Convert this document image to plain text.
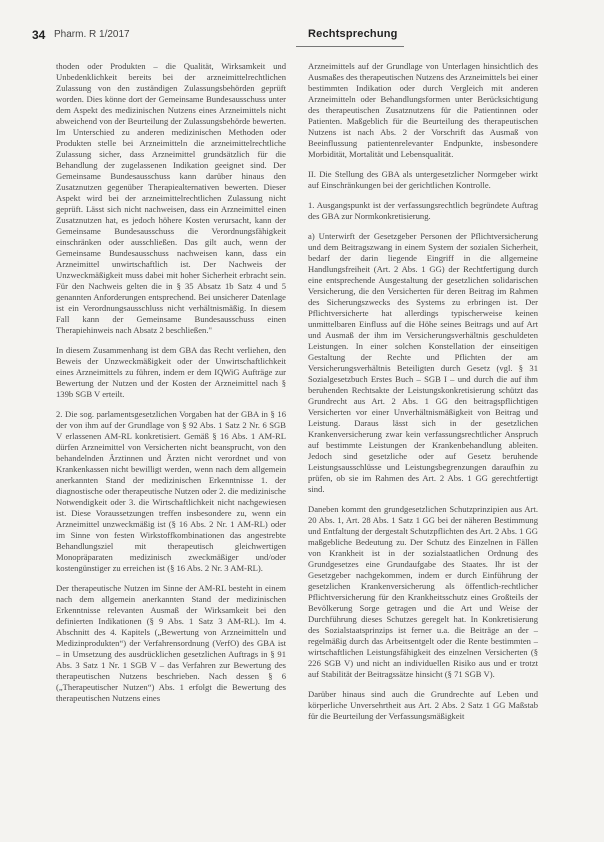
34 Pharm. R 1/2017	Rechtsprechung

thoden oder Produkten – die Qualität, Wirksamkeit und Unbedenklichkeit bereits bei der arzneimittelrechtlichen Zulassung von den zuständigen Zulassungsbehörden geprüft worden. Dies könne dort der Gemeinsame Bundesausschuss unter dem Aspekt des medizinischen Nutzens eines Arzneimittels nicht abweichend von der Beurteilung der Zulassungsbehörde bewerten. Im Unterschied zu anderen medizinischen Methoden oder Produkten stelle bei Arzneimitteln die arzneimittelrechtliche Zulassung sicher, dass Arzneimittel grundsätzlich für die Behandlung der zugelassenen Indikation geeignet sind. Der Gemeinsame Bundesausschuss kann darüber hinaus den Zusatznutzen gegenüber Therapiealternativen bewerten. Dieser Aspekt wird bei der arzneimittelrechtlichen Zulassung nicht geprüft. Lässt sich nicht nachweisen, dass ein Arzneimittel einen Zusatznutzen hat, es jedoch höhere Kosten verursacht, kann der Gemeinsame Bundesausschuss die Verordnungsfähigkeit einschränken oder ausschließen. Das gilt auch, wenn der Gemeinsame Bundesausschuss nachweisen kann, dass ein Arzneimittel unwirtschaftlich ist. Der Nachweis der Unzweckmäßigkeit muss dabei mit hoher Sicherheit erbracht sein. Für den Nachweis gelten die in § 35 Absatz 1b Satz 4 und 5 genannten Anforderungen entsprechend. Bei unsicherer Datenlage ist ein Verordnungsausschluss nicht verhältnismäßig. In diesem Fall kann der Gemeinsame Bundesausschuss einen Therapiehinweis nach Absatz 2 beschließen."

In diesem Zusammenhang ist dem GBA das Recht verliehen, den Beweis der Unzweckmäßigkeit oder der Unwirtschaftlichkeit eines Arzneimittels zu führen, indem er dem IQWiG Aufträge zur Bewertung der Nutzen und der Kosten der Arzneimittel nach § 139b SGB V erteilt.

2. Die sog. parlamentsgesetzlichen Vorgaben hat der GBA in § 16 der von ihm auf der Grundlage von § 92 Abs. 1 Satz 2 Nr. 6 SGB V erlassenen AM-RL konkretisiert. Gemäß § 16 Abs. 1 AM-RL dürfen Arzneimittel von Versicherten nicht beansprucht, von den behandelnden Ärztinnen und Ärzten nicht verordnet und von Krankenkassen nicht bewilligt werden, wenn nach dem allgemein anerkannten Stand der medizinischen Erkenntnisse 1. der diagnostische oder therapeutische Nutzen oder 2. die medizinische Notwendigkeit oder 3. die Wirtschaftlichkeit nicht nachgewiesen ist. Diese Voraussetzungen treffen insbesondere zu, wenn ein Arzneimittel unzweckmäßig ist (§ 16 Abs. 2 Nr. 1 AM-RL) oder im Sinne von festen Wirkstoffkombinationen das angestrebte Behandlungsziel mit therapeutisch gleichwertigen Monopräparaten medizinisch zweckmäßiger und/oder kostengünstiger zu erreichen ist (§ 16 Abs. 2 Nr. 3 AM-RL).

Der therapeutische Nutzen im Sinne der AM-RL besteht in einem nach dem allgemein anerkannten Stand der medizinischen Erkenntnisse relevanten Ausmaß der Wirksamkeit bei den definierten Indikationen (§ 9 Abs. 1 Satz 3 AM-RL). Im 4. Abschnitt des 4. Kapitels („Bewertung von Arzneimitteln und Medizinprodukten“) der Verfahrensordnung (VerfO) des GBA ist – in Umsetzung des ausdrücklichen gesetzlichen Auftrags in § 91 Abs. 3 Satz 1 Nr. 1 SGB V – das Verfahren zur Bewertung des therapeutischen Nutzens beschrieben. Nach dessen § 6 („Therapeutischer Nutzen“) Abs. 1 erfolgt die Bewertung des therapeutischen Nutzens eines

Arzneimittels auf der Grundlage von Unterlagen hinsichtlich des Ausmaßes des therapeutischen Nutzens des Arzneimittels bei einer bestimmten Indikation oder durch Vergleich mit anderen Arzneimitteln oder Behandlungsformen unter Berücksichtigung des therapeutischen Zusatznutzens für die Patientinnen oder Patienten. Maßgeblich für die Beurteilung des therapeutischen Nutzens ist nach Abs. 2 der Vorschrift das Ausmaß von Beeinflussung patientenrelevanter Endpunkte, insbesondere Morbidität, Mortalität und Lebensqualität.

II. Die Stellung des GBA als untergesetzlicher Normgeber wirkt auf Einschränkungen bei der gerichtlichen Kontrolle.

1. Ausgangspunkt ist der verfassungsrechtlich begründete Auftrag des GBA zur Normkonkretisierung.

a) Unterwirft der Gesetzgeber Personen der Pflichtversicherung und dem Beitragszwang in einem System der sozialen Sicherheit, bedarf der darin liegende Eingriff in die allgemeine Handlungsfreiheit (Art. 2 Abs. 1 GG) der Rechtfertigung durch eine entsprechende Ausgestaltung der gesetzlichen solidarischen Versicherung, die den Versicherten für deren Beitrag im Rahmen des Sicherungszwecks des Systems zu erbringen ist. Der Pflichtversicherte hat allerdings typischerweise keinen unmittelbaren Einfluss auf die Höhe seines Beitrags und auf Art und Ausmaß der ihm im Versicherungsverhältnis geschuldeten Leistungen. In einer solchen Konstellation der einseitigen Gestaltung der Rechte und Pflichten der am Versicherungsverhältnis Beteiligten durch Gesetz (vgl. § 31 Sozialgesetzbuch Erstes Buch – SGB I – und durch die auf ihm beruhenden Rechtsakte der Leistungskonkretisierung schützt das Grundrecht aus Art. 2 Abs. 1 GG den beitragspflichtigen Versicherten vor einer Unverhältnismäßigkeit von Beitrag und Leistung. Daraus lässt sich in der gesetzlichen Krankenversicherung zwar kein verfassungsrechtlicher Anspruch auf bestimmte Leistungen der Krankenbehandlung ableiten. Jedoch sind gesetzliche oder auf Gesetz beruhende Leistungsausschlüsse und Leistungsbegrenzungen daraufhin zu prüfen, ob sie im Rahmen des Art. 2 Abs. 1 GG gerechtfertigt sind.

Daneben kommt den grundgesetzlichen Schutzprinzipien aus Art. 20 Abs. 1, Art. 28 Abs. 1 Satz 1 GG bei der näheren Bestimmung und Entfaltung der dergestalt Schutzpflichten des Art. 2 Abs. 1 GG maßgebliche Bedeutung zu. Der Schutz des Einzelnen in Fällen von Krankheit ist in der sozialstaatlichen Ordnung des Grundgesetzes eine Grundaufgabe des Staates. Ihr ist der Gesetzgeber nachgekommen, indem er durch Einführung der gesetzlichen Krankenversicherung als öffentlich-rechtlicher Pflichtversicherung für den Krankheitsschutz eines Großteils der Bevölkerung Sorge getragen und die Art und Weise der Durchführung dieses Schutzes geregelt hat. In Konkretisierung des Sozialstaatsprinzips ist ferner u.a. die Beiträge an der – regelmäßig durch das Arbeitsentgelt oder die Rente bestimmten – wirtschaftlichen Leistungsfähigkeit des einzelnen Versicherten (§ 226 SGB V) und nicht an individuellen Risiko aus und er trotzt auf Stabilität der Beitragssätze hinsicht (§ 71 SGB V).

Darüber hinaus sind auch die Grundrechte auf Leben und körperliche Unversehrtheit aus Art. 2 Abs. 2 Satz 1 GG Maßstab für die Beurteilung der Verfassungsmäßigkeit
